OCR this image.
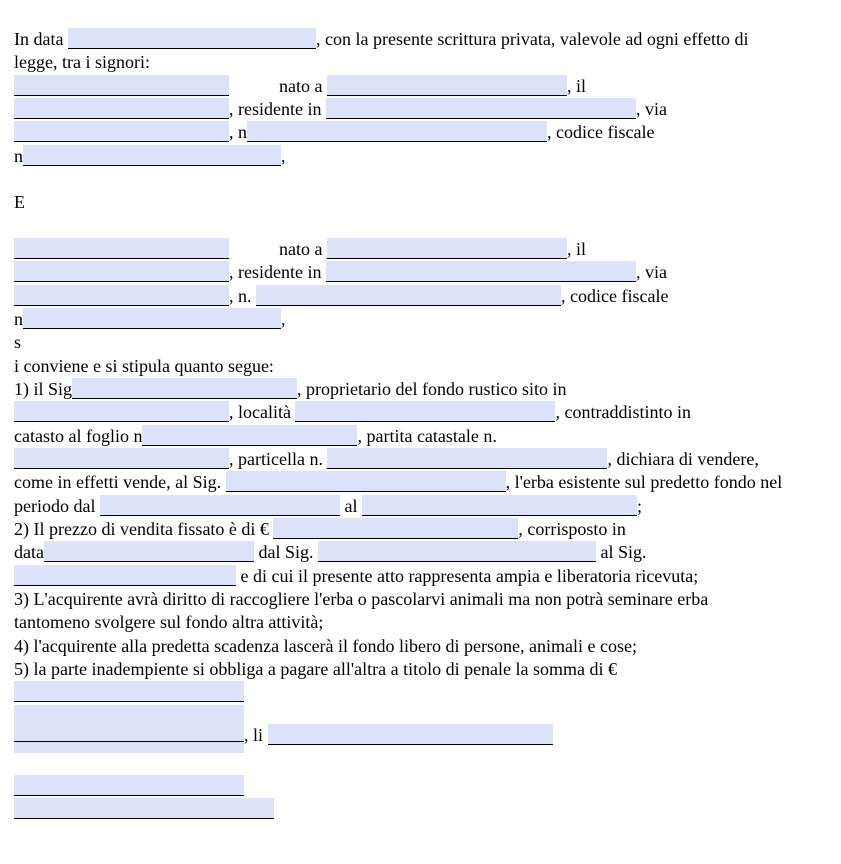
In data	, con la presente scrittura privata, valevole ad ogni effetto di
legge, tra i signori:
nato a	, il
, residente in	, via
, n	, codice fiscale
n	,
E
nato a	, il
, residente in	, via
, n.	, codice fiscale
n	,
s
i conviene e si stipula quanto segue:
1) il Sig	, proprietario del fondo rustico sito in
, località	, contraddistinto in
catasto al foglio n	, partita catastale n.
, particella n.	, dichiara di vendere,
come in effetti vende, al Sig.	, l'erba esistente sul predetto fondo nel
periodo dal	al	;
2) Il prezzo di vendita fissato è di €	, corrisposto in
data	dal Sig.	al Sig.
e di cui il presente atto rappresenta ampia e liberatoria ricevuta;
3) L'acquirente avrà diritto di raccogliere l'erba o pascolarvi animali ma non potrà seminare erba
tantomeno svolgere sul fondo altra attività;
4) l'acquirente alla predetta scadenza lascerà il fondo libero di persone, animali e cose;
5) la parte inadempiente si obbliga a pagare all'altra a titolo di penale la somma di €
, li
